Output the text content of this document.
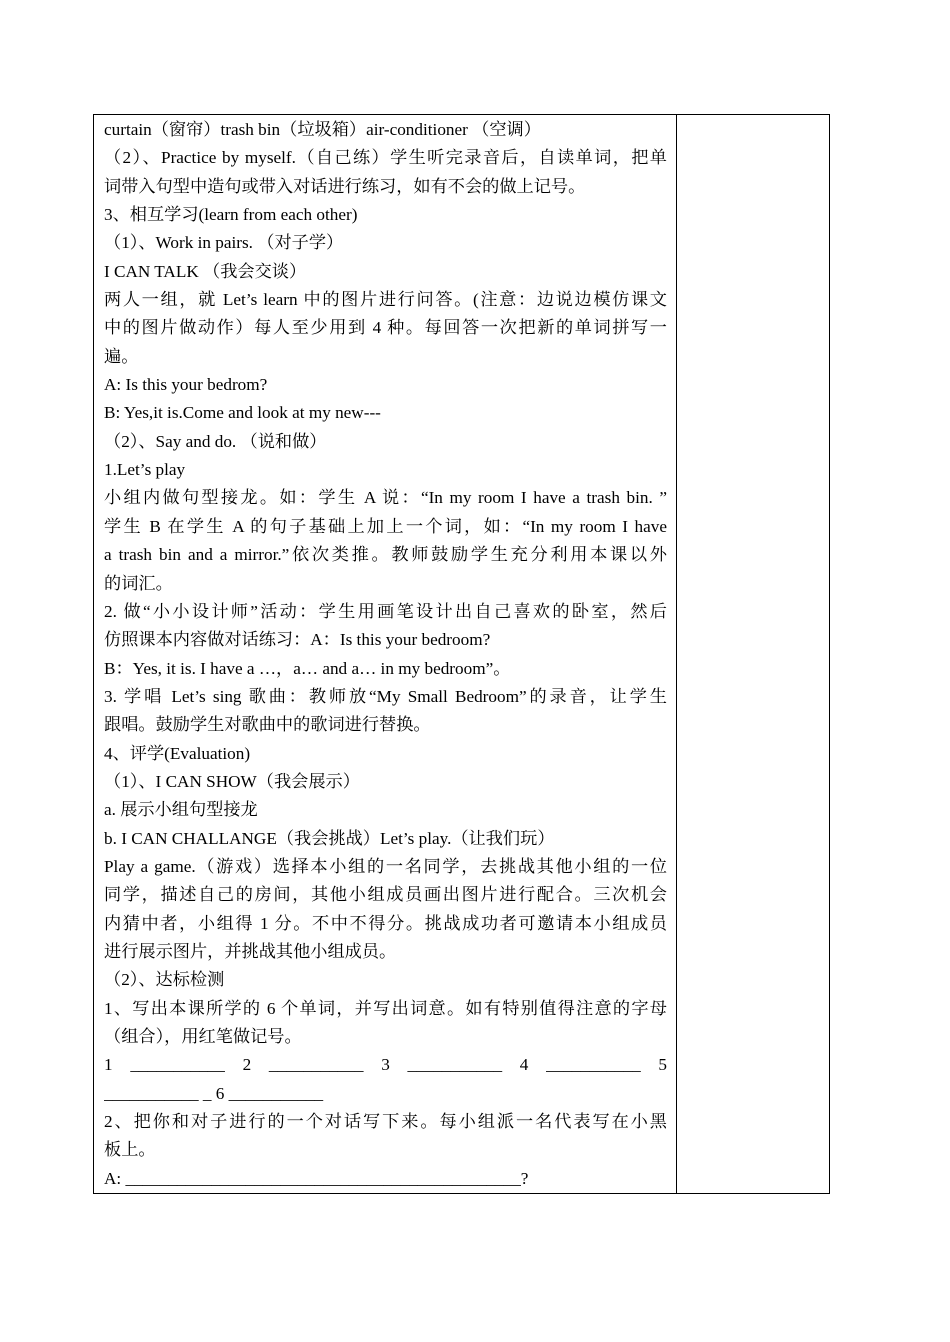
curtain（窗帘）trash bin（垃圾箱）air-conditioner （空调）
（2）、Practice by myself.（自己练）学生听完录音后，自读单词，把单
词带入句型中造句或带入对话进行练习，如有不会的做上记号。
3、相互学习(learn from each other)
（1）、Work in pairs. （对子学）
I CAN TALK （我会交谈）
两人一组，就 Let’s learn 中的图片进行问答。(注意：边说边模仿课文
中的图片做动作）每人至少用到 4 种。每回答一次把新的单词拼写一
遍。
A: Is this your bedrom?
B: Yes,it is.Come and look at my new---
（2）、Say and do. （说和做）
1.Let’s play
小组内做句型接龙。如：学生 A 说：“In my room I have a trash bin. ”
学生 B 在学生 A 的句子基础上加上一个词，如：“In my room I have
a trash bin and a mirror.”依次类推。教师鼓励学生充分利用本课以外
的词汇。
2. 做“小小设计师”活动：学生用画笔设计出自己喜欢的卧室，然后
仿照课本内容做对话练习：A：Is this your bedroom?
B：Yes, it is. I have a …，a… and a… in my bedroom”。
3. 学唱 Let’s sing 歌曲：教师放“My Small Bedroom”的录音，让学生
跟唱。鼓励学生对歌曲中的歌词进行替换。
4、评学(Evaluation)
（1）、I CAN SHOW（我会展示）
a. 展示小组句型接龙
b. I CAN CHALLANGE（我会挑战）Let’s play.（让我们玩）
Play a game.（游戏）选择本小组的一名同学，去挑战其他小组的一位
同学，描述自己的房间，其他小组成员画出图片进行配合。三次机会
内猜中者，小组得 1 分。不中不得分。挑战成功者可邀请本小组成员
进行展示图片，并挑战其他小组成员。
（2）、达标检测
1、写出本课所学的 6 个单词，并写出词意。如有特别值得注意的字母
（组合），用红笔做记号。
1 ___________ 2 ___________ 3 ___________ 4 ___________ 5
___________ _ 6 ___________
2、把你和对子进行的一个对话写下来。每小组派一名代表写在小黑
板上。
A: ______________________________________________?
